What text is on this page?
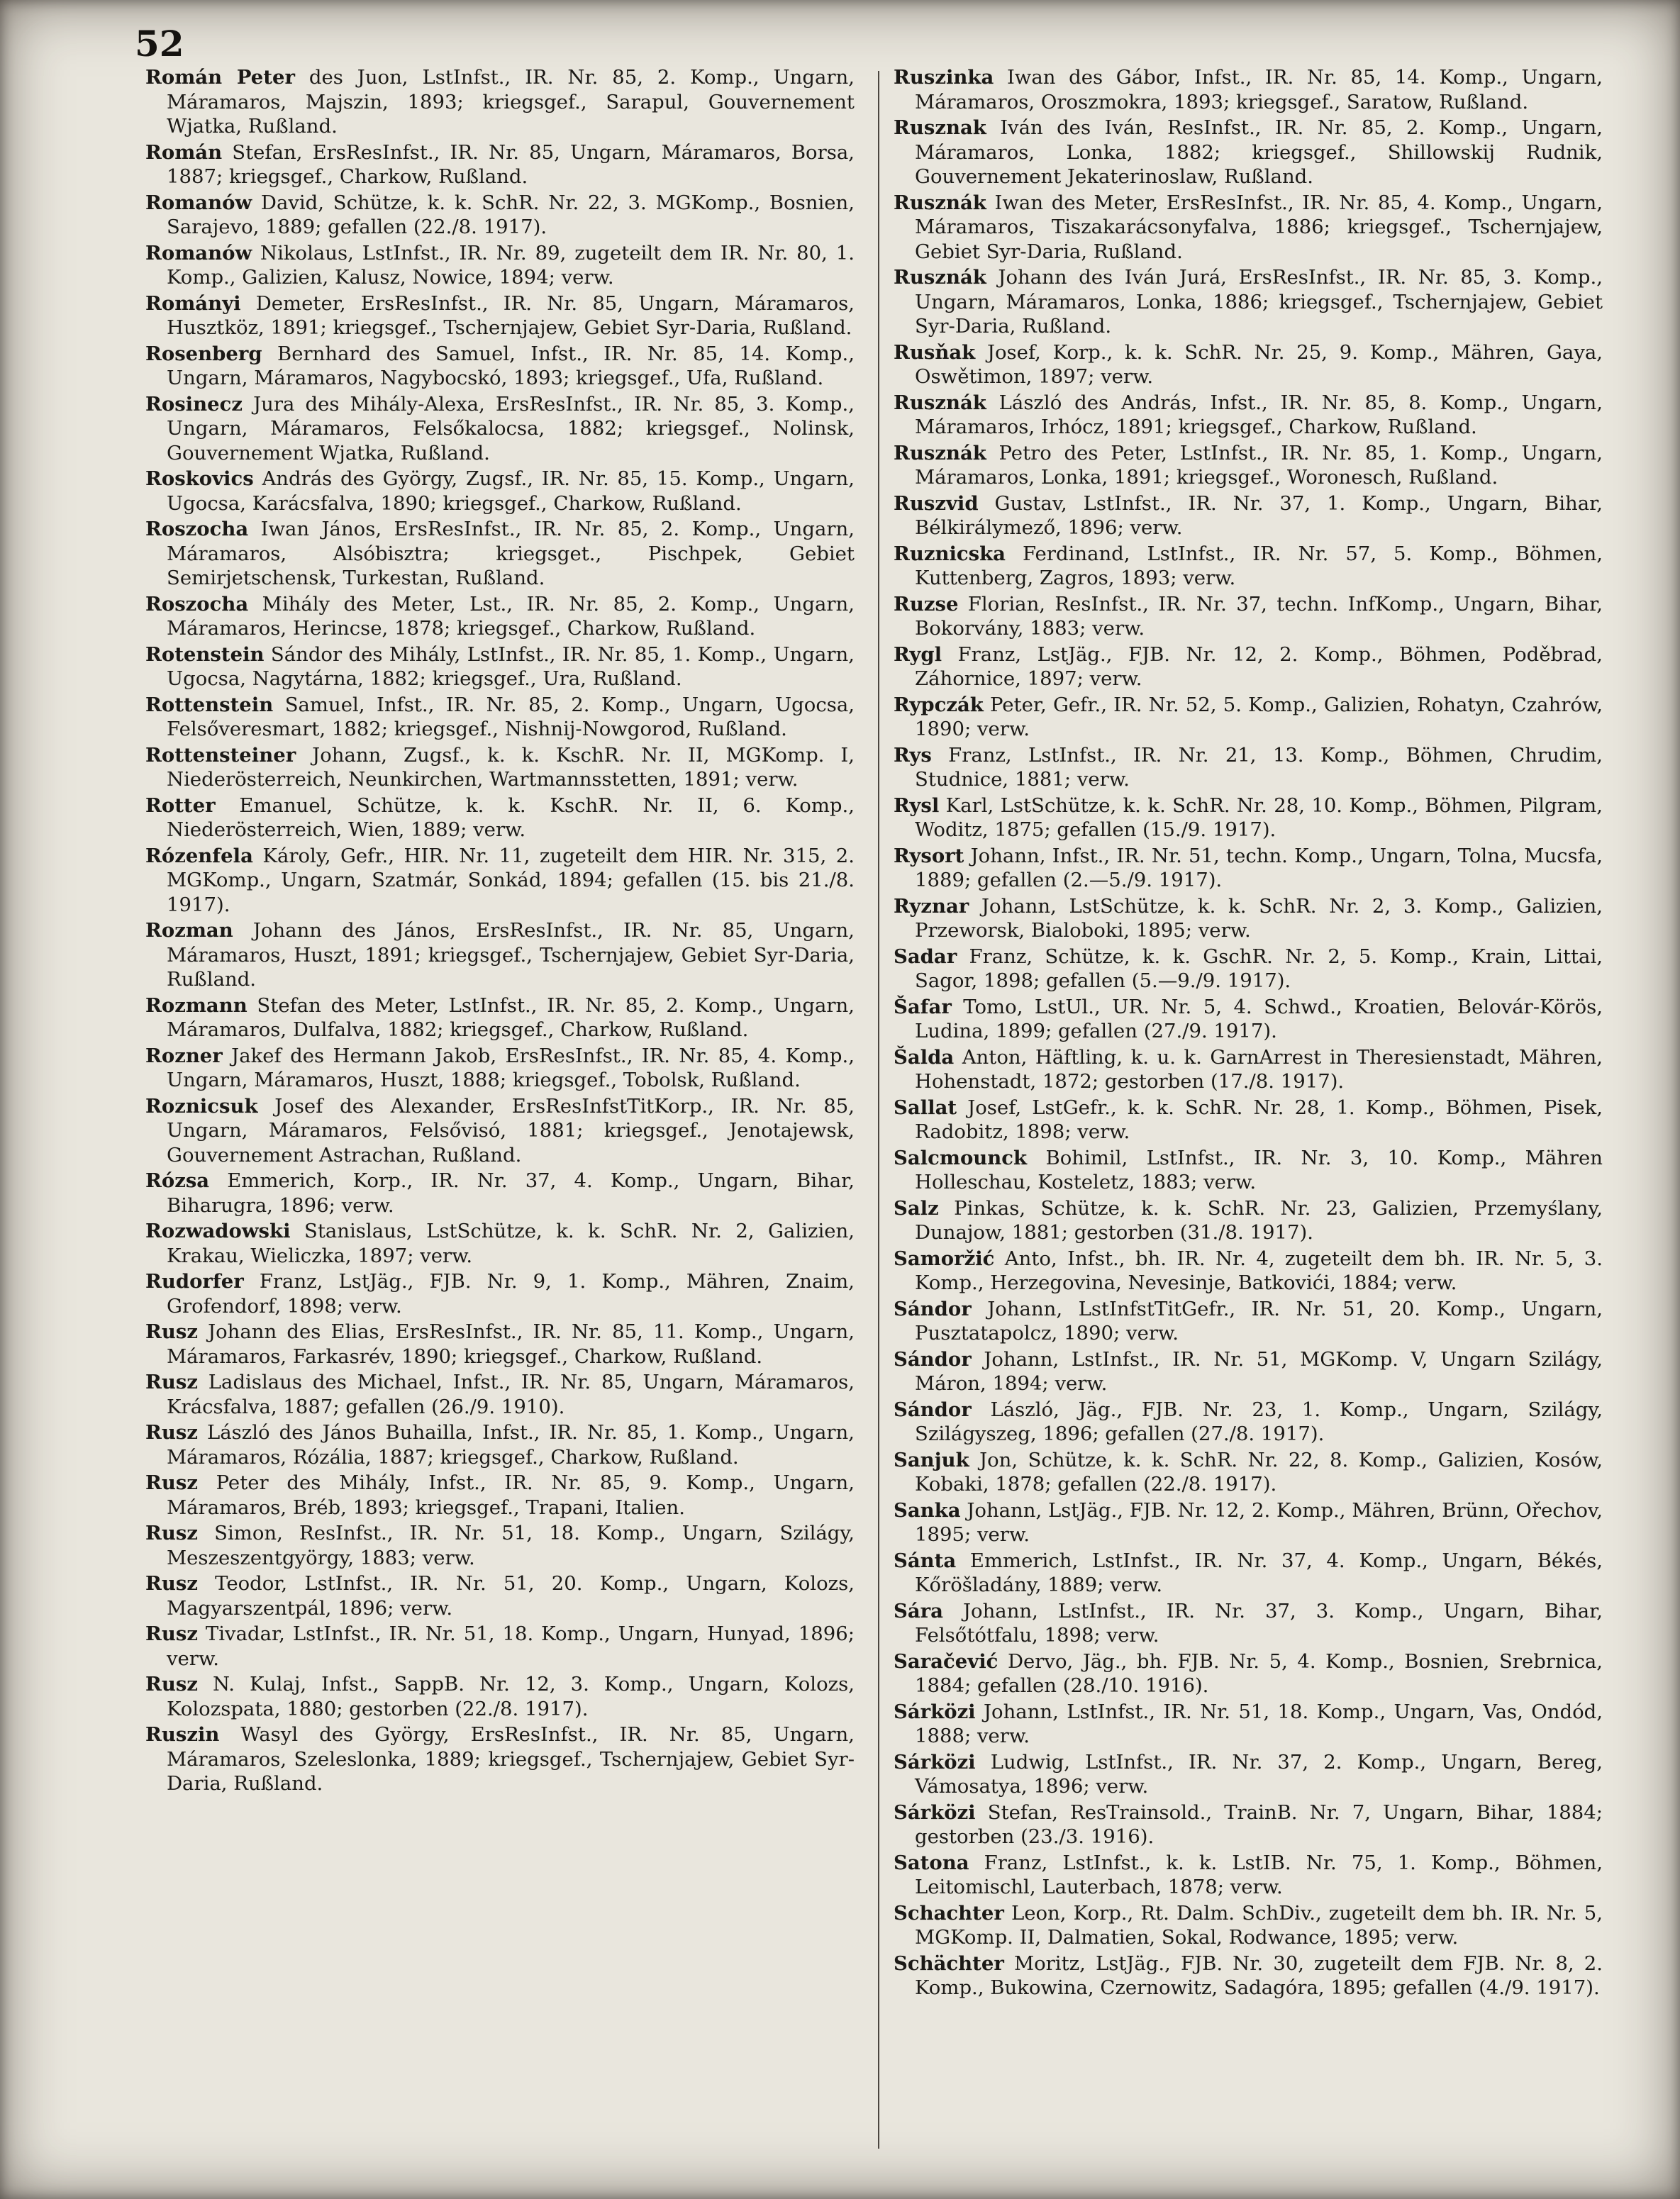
52
Román Peter des Juon, LstInfst., IR. Nr. 85, 2. Komp., Ungarn, Máramaros, Majszin, 1893; kriegsgef., Sarapul, Gouvernement Wjatka, Rußland.
Román Stefan, ErsResInfst., IR. Nr. 85, Ungarn, Máramaros, Borsa, 1887; kriegsgef., Charkow, Rußland.
Romanów David, Schütze, k. k. SchR. Nr. 22, 3. MGKomp., Bosnien, Sarajevo, 1889; gefallen (22./8. 1917).
Romanów Nikolaus, LstInfst., IR. Nr. 89, zugeteilt dem IR. Nr. 80, 1. Komp., Galizien, Kalusz, Nowice, 1894; verw.
Rományi Demeter, ErsResInfst., IR. Nr. 85, Ungarn, Máramaros, Husztköz, 1891; kriegsgef., Tschernjajew, Gebiet Syr-Daria, Rußland.
Rosenberg Bernhard des Samuel, Infst., IR. Nr. 85, 14. Komp., Ungarn, Máramaros, Nagybocskó, 1893; kriegsgef., Ufa, Rußland.
Rosinecz Jura des Mihály-Alexa, ErsResInfst., IR. Nr. 85, 3. Komp., Ungarn, Máramaros, Felsőkalocsa, 1882; kriegsgef., Nolinsk, Gouvernement Wjatka, Rußland.
Roskovics András des György, Zugsf., IR. Nr. 85, 15. Komp., Ungarn, Ugocsa, Karácsfalva, 1890; kriegsgef., Charkow, Rußland.
Roszocha Iwan János, ErsResInfst., IR. Nr. 85, 2. Komp., Ungarn, Máramaros, Alsóbisztra; kriegsget., Pischpek, Gebiet Semirjetschensk, Turkestan, Rußland.
Roszocha Mihály des Meter, Lst., IR. Nr. 85, 2. Komp., Ungarn, Máramaros, Herincse, 1878; kriegsgef., Charkow, Rußland.
Rotenstein Sándor des Mihály, LstInfst., IR. Nr. 85, 1. Komp., Ungarn, Ugocsa, Nagytárna, 1882; kriegsgef., Ura, Rußland.
Rottenstein Samuel, Infst., IR. Nr. 85, 2. Komp., Ungarn, Ugocsa, Felsőveresmart, 1882; kriegsgef., Nishnij-Nowgorod, Rußland.
Rottensteiner Johann, Zugsf., k. k. KschR. Nr. II, MGKomp. I, Niederösterreich, Neunkirchen, Wartmannsstetten, 1891; verw.
Rotter Emanuel, Schütze, k. k. KschR. Nr. II, 6. Komp., Niederösterreich, Wien, 1889; verw.
Rózenfela Károly, Gefr., HIR. Nr. 11, zugeteilt dem HIR. Nr. 315, 2. MGKomp., Ungarn, Szatmár, Sonkád, 1894; gefallen (15. bis 21./8. 1917).
Rozman Johann des János, ErsResInfst., IR. Nr. 85, Ungarn, Máramaros, Huszt, 1891; kriegsgef., Tschernjajew, Gebiet Syr-Daria, Rußland.
Rozmann Stefan des Meter, LstInfst., IR. Nr. 85, 2. Komp., Ungarn, Máramaros, Dulfalva, 1882; kriegsgef., Charkow, Rußland.
Rozner Jakef des Hermann Jakob, ErsResInfst., IR. Nr. 85, 4. Komp., Ungarn, Máramaros, Huszt, 1888; kriegsgef., Tobolsk, Rußland.
Roznicsuk Josef des Alexander, ErsResInfstTitKorp., IR. Nr. 85, Ungarn, Máramaros, Felsővisó, 1881; kriegsgef., Jenotajewsk, Gouvernement Astrachan, Rußland.
Rózsa Emmerich, Korp., IR. Nr. 37, 4. Komp., Ungarn, Bihar, Biharugra, 1896; verw.
Rozwadowski Stanislaus, LstSchütze, k. k. SchR. Nr. 2, Galizien, Krakau, Wieliczka, 1897; verw.
Rudorfer Franz, LstJäg., FJB. Nr. 9, 1. Komp., Mähren, Znaim, Grofendorf, 1898; verw.
Rusz Johann des Elias, ErsResInfst., IR. Nr. 85, 11. Komp., Ungarn, Máramaros, Farkasrév, 1890; kriegsgef., Charkow, Rußland.
Rusz Ladislaus des Michael, Infst., IR. Nr. 85, Ungarn, Máramaros, Krácsfalva, 1887; gefallen (26./9. 1910).
Rusz László des János Buhailla, Infst., IR. Nr. 85, 1. Komp., Ungarn, Máramaros, Rózália, 1887; kriegsgef., Charkow, Rußland.
Rusz Peter des Mihály, Infst., IR. Nr. 85, 9. Komp., Ungarn, Máramaros, Bréb, 1893; kriegsgef., Trapani, Italien.
Rusz Simon, ResInfst., IR. Nr. 51, 18. Komp., Ungarn, Szilágy, Meszeszentgyörgy, 1883; verw.
Rusz Teodor, LstInfst., IR. Nr. 51, 20. Komp., Ungarn, Kolozs, Magyarszentpál, 1896; verw.
Rusz Tivadar, LstInfst., IR. Nr. 51, 18. Komp., Ungarn, Hunyad, 1896; verw.
Rusz N. Kulaj, Infst., SappB. Nr. 12, 3. Komp., Ungarn, Kolozs, Kolozspata, 1880; gestorben (22./8. 1917).
Ruszin Wasyl des György, ErsResInfst., IR. Nr. 85, Ungarn, Máramaros, Szeleslonka, 1889; kriegsgef., Tschernjajew, Gebiet Syr-Daria, Rußland.
Ruszinka Iwan des Gábor, Infst., IR. Nr. 85, 14. Komp., Ungarn, Máramaros, Oroszmokra, 1893; kriegsgef., Saratow, Rußland.
Rusznak Iván des Iván, ResInfst., IR. Nr. 85, 2. Komp., Ungarn, Máramaros, Lonka, 1882; kriegsgef., Shillowskij Rudnik, Gouvernement Jekaterinoslaw, Rußland.
Rusznák Iwan des Meter, ErsResInfst., IR. Nr. 85, 4. Komp., Ungarn, Máramaros, Tiszakarácsonyfalva, 1886; kriegsgef., Tschernjajew, Gebiet Syr-Daria, Rußland.
Rusznák Johann des Iván Jurá, ErsResInfst., IR. Nr. 85, 3. Komp., Ungarn, Máramaros, Lonka, 1886; kriegsgef., Tschernjajew, Gebiet Syr-Daria, Rußland.
Rusňak Josef, Korp., k. k. SchR. Nr. 25, 9. Komp., Mähren, Gaya, Oswětimon, 1897; verw.
Rusznák László des András, Infst., IR. Nr. 85, 8. Komp., Ungarn, Máramaros, Irhócz, 1891; kriegsgef., Charkow, Rußland.
Rusznák Petro des Peter, LstInfst., IR. Nr. 85, 1. Komp., Ungarn, Máramaros, Lonka, 1891; kriegsgef., Woronesch, Rußland.
Ruszvid Gustav, LstInfst., IR. Nr. 37, 1. Komp., Ungarn, Bihar, Bélkirálymező, 1896; verw.
Ruznicska Ferdinand, LstInfst., IR. Nr. 57, 5. Komp., Böhmen, Kuttenberg, Zagros, 1893; verw.
Ruzse Florian, ResInfst., IR. Nr. 37, techn. InfKomp., Ungarn, Bihar, Bokorvány, 1883; verw.
Rygl Franz, LstJäg., FJB. Nr. 12, 2. Komp., Böhmen, Poděbrad, Záhornice, 1897; verw.
Rypczák Peter, Gefr., IR. Nr. 52, 5. Komp., Galizien, Rohatyn, Czahrów, 1890; verw.
Rys Franz, LstInfst., IR. Nr. 21, 13. Komp., Böhmen, Chrudim, Studnice, 1881; verw.
Rysl Karl, LstSchütze, k. k. SchR. Nr. 28, 10. Komp., Böhmen, Pilgram, Woditz, 1875; gefallen (15./9. 1917).
Rysort Johann, Infst., IR. Nr. 51, techn. Komp., Ungarn, Tolna, Mucsfa, 1889; gefallen (2.—5./9. 1917).
Ryznar Johann, LstSchütze, k. k. SchR. Nr. 2, 3. Komp., Galizien, Przeworsk, Bialoboki, 1895; verw.
Sadar Franz, Schütze, k. k. GschR. Nr. 2, 5. Komp., Krain, Littai, Sagor, 1898; gefallen (5.—9./9. 1917).
Šafar Tomo, LstUl., UR. Nr. 5, 4. Schwd., Kroatien, Belovár-Körös, Ludina, 1899; gefallen (27./9. 1917).
Šalda Anton, Häftling, k. u. k. GarnArrest in Theresienstadt, Mähren, Hohenstadt, 1872; gestorben (17./8. 1917).
Sallat Josef, LstGefr., k. k. SchR. Nr. 28, 1. Komp., Böhmen, Pisek, Radobitz, 1898; verw.
Salcmounck Bohimil, LstInfst., IR. Nr. 3, 10. Komp., Mähren Holleschau, Kosteletz, 1883; verw.
Salz Pinkas, Schütze, k. k. SchR. Nr. 23, Galizien, Przemyślany, Dunajow, 1881; gestorben (31./8. 1917).
Samoržić Anto, Infst., bh. IR. Nr. 4, zugeteilt dem bh. IR. Nr. 5, 3. Komp., Herzegovina, Nevesinje, Batkovići, 1884; verw.
Sándor Johann, LstInfstTitGefr., IR. Nr. 51, 20. Komp., Ungarn, Pusztatapolcz, 1890; verw.
Sándor Johann, LstInfst., IR. Nr. 51, MGKomp. V, Ungarn Szilágy, Máron, 1894; verw.
Sándor László, Jäg., FJB. Nr. 23, 1. Komp., Ungarn, Szilágy, Szilágyszeg, 1896; gefallen (27./8. 1917).
Sanjuk Jon, Schütze, k. k. SchR. Nr. 22, 8. Komp., Galizien, Kosów, Kobaki, 1878; gefallen (22./8. 1917).
Sanka Johann, LstJäg., FJB. Nr. 12, 2. Komp., Mähren, Brünn, Ořechov, 1895; verw.
Sánta Emmerich, LstInfst., IR. Nr. 37, 4. Komp., Ungarn, Békés, Kőröšladány, 1889; verw.
Sára Johann, LstInfst., IR. Nr. 37, 3. Komp., Ungarn, Bihar, Felsőtótfalu, 1898; verw.
Saračević Dervo, Jäg., bh. FJB. Nr. 5, 4. Komp., Bosnien, Srebrnica, 1884; gefallen (28./10. 1916).
Sárközi Johann, LstInfst., IR. Nr. 51, 18. Komp., Ungarn, Vas, Ondód, 1888; verw.
Sárközi Ludwig, LstInfst., IR. Nr. 37, 2. Komp., Ungarn, Bereg, Vámosatya, 1896; verw.
Sárközi Stefan, ResTrainsold., TrainB. Nr. 7, Ungarn, Bihar, 1884; gestorben (23./3. 1916).
Satona Franz, LstInfst., k. k. LstIB. Nr. 75, 1. Komp., Böhmen, Leitomischl, Lauterbach, 1878; verw.
Schachter Leon, Korp., Rt. Dalm. SchDiv., zugeteilt dem bh. IR. Nr. 5, MGKomp. II, Dalmatien, Sokal, Rodwance, 1895; verw.
Schächter Moritz, LstJäg., FJB. Nr. 30, zugeteilt dem FJB. Nr. 8, 2. Komp., Bukowina, Czernowitz, Sadagóra, 1895; gefallen (4./9. 1917).
